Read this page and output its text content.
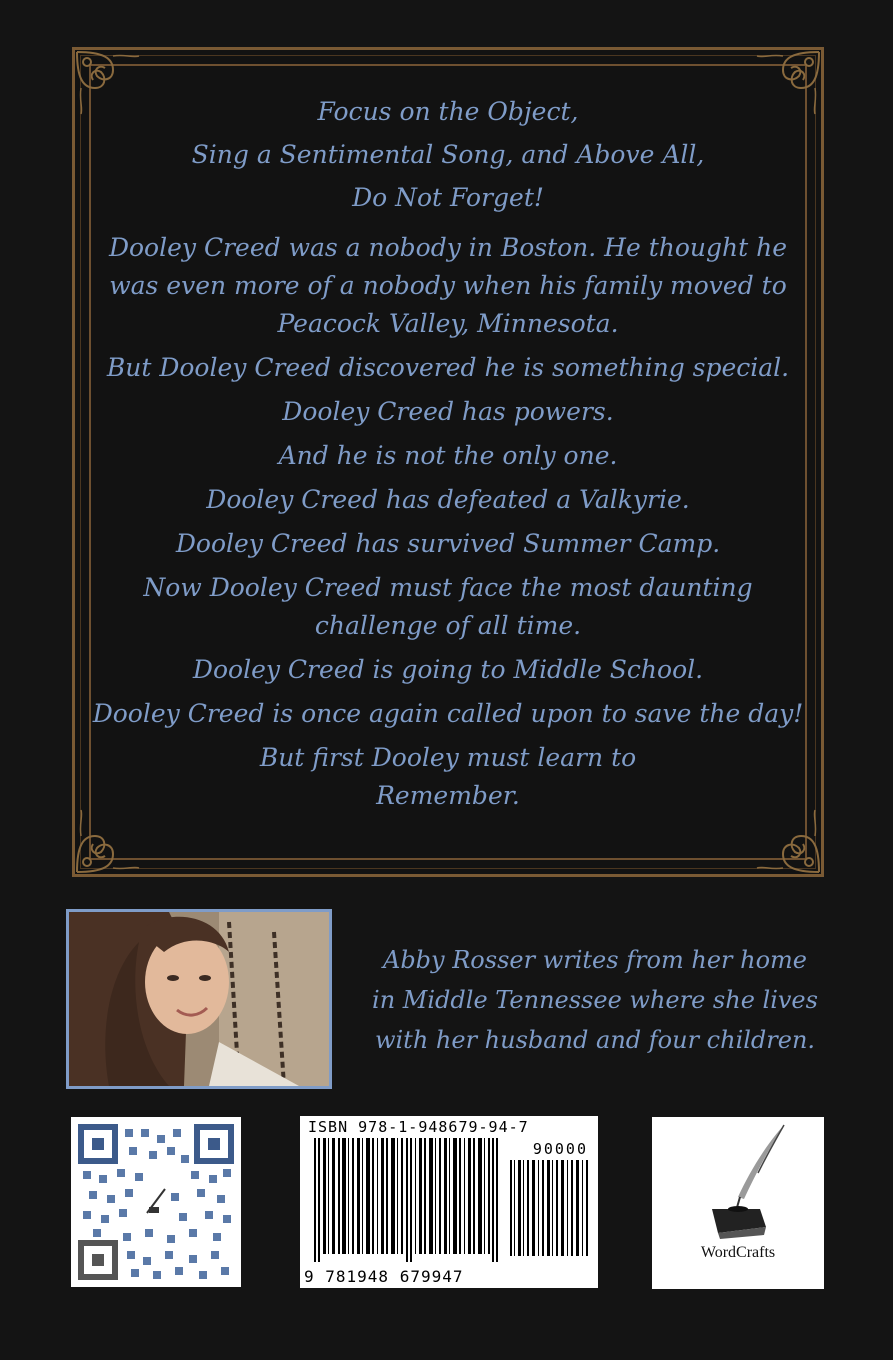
Focus on the Object,
Sing a Sentimental Song, and Above All,
Do Not Forget!
Dooley Creed was a nobody in Boston. He thought he
was even more of a nobody when his family moved to
Peacock Valley, Minnesota.
But Dooley Creed discovered he is something special.
Dooley Creed has powers.
And he is not the only one.
Dooley Creed has defeated a Valkyrie.
Dooley Creed has survived Summer Camp.
Now Dooley Creed must face the most daunting
challenge of all time.
Dooley Creed is going to Middle School.
Dooley Creed is once again called upon to save the day!
But first Dooley must learn to
Remember.
Abby Rosser writes from her home
in Middle Tennessee where she lives
with her husband and four children.
ISBN 978-1-948679-94-7
90000
9 781948 679947
WordCrafts
